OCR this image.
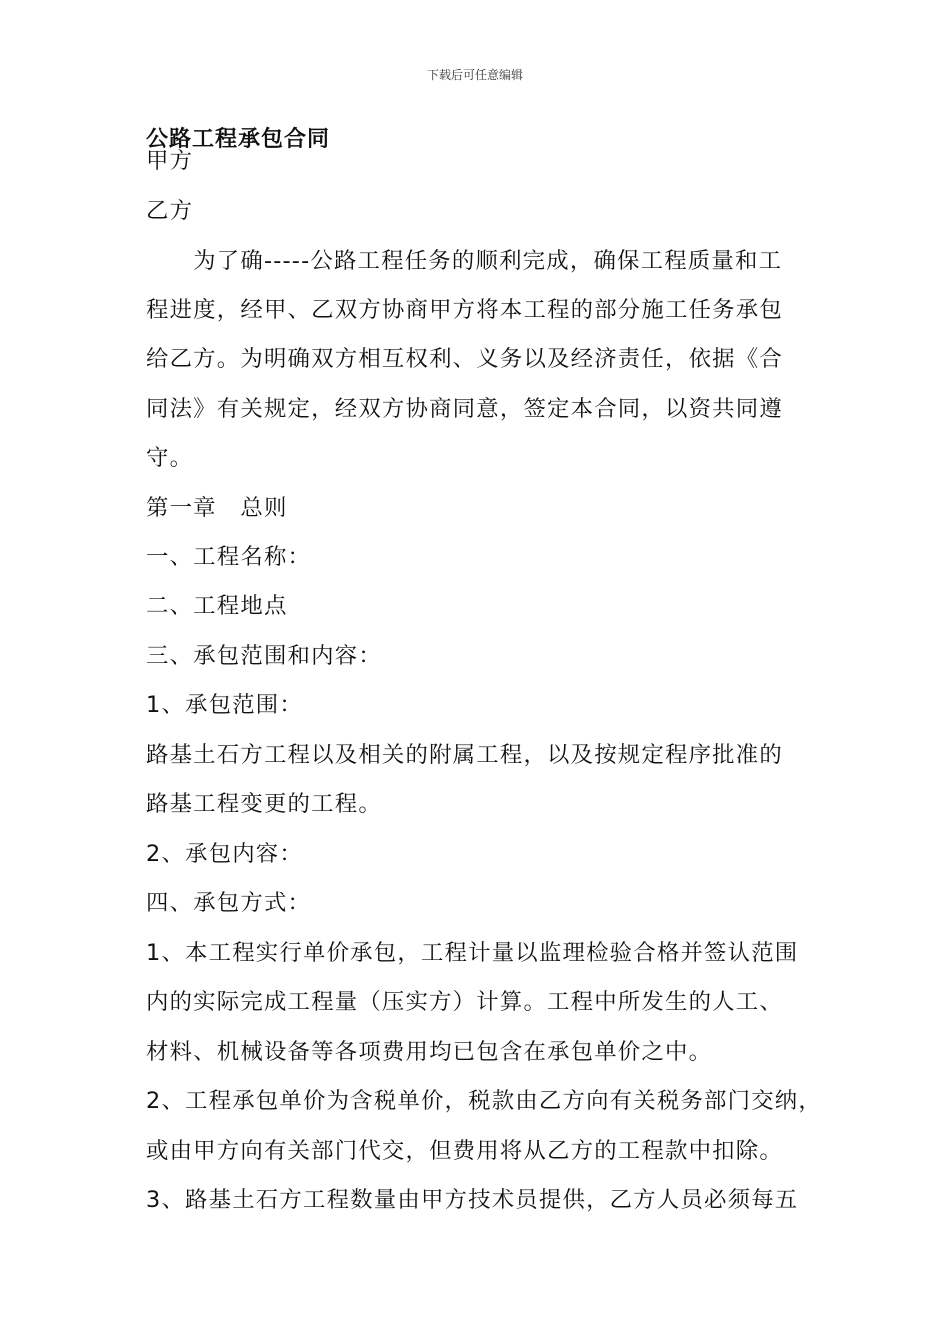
下载后可任意编辑
公路工程承包合同
甲方
乙方
　　为了确-----公路工程任务的顺利完成，确保工程质量和工
程进度，经甲、乙双方协商甲方将本工程的部分施工任务承包
给乙方。为明确双方相互权利、义务以及经济责任，依据《合
同法》有关规定，经双方协商同意，签定本合同，以资共同遵
守。
第一章　总则
一、工程名称：
二、工程地点
三、承包范围和内容：
1、承包范围：
路基土石方工程以及相关的附属工程，以及按规定程序批准的
路基工程变更的工程。
2、承包内容：
四、承包方式：
1、本工程实行单价承包，工程计量以监理检验合格并签认范围
内的实际完成工程量（压实方）计算。工程中所发生的人工、
材料、机械设备等各项费用均已包含在承包单价之中。
2、工程承包单价为含税单价，税款由乙方向有关税务部门交纳，
或由甲方向有关部门代交，但费用将从乙方的工程款中扣除。
3、路基土石方工程数量由甲方技术员提供，乙方人员必须每五
